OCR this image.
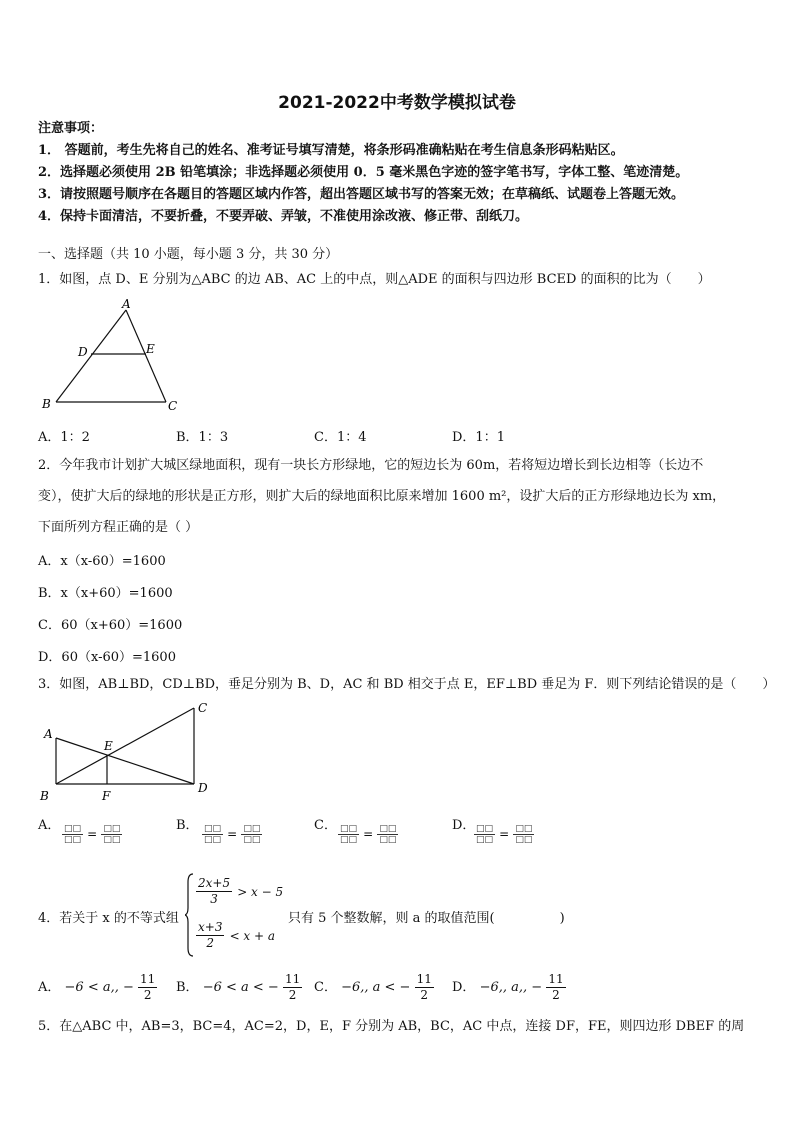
2021-2022中考数学模拟试卷
注意事项：
1． 答题前，考生先将自己的姓名、准考证号填写清楚，将条形码准确粘贴在考生信息条形码粘贴区。
2．选择题必须使用 2B 铅笔填涂；非选择题必须使用 0．5 毫米黑色字迹的签字笔书写，字体工整、笔迹清楚。
3．请按照题号顺序在各题目的答题区域内作答，超出答题区域书写的答案无效；在草稿纸、试题卷上答题无效。
4．保持卡面清洁，不要折叠，不要弄破、弄皱，不准使用涂改液、修正带、刮纸刀。
一、选择题（共 10 小题，每小题 3 分，共 30 分）
1．如图，点 D、E 分别为△ABC 的边 AB、AC 上的中点，则△ADE 的面积与四边形 BCED 的面积的比为（　　）
A
D	E
B	C
A．1：2	B．1：3	C．1：4	D．1：1
2．今年我市计划扩大城区绿地面积，现有一块长方形绿地，它的短边长为 60m，若将短边增长到长边相等（长边不
变），使扩大后的绿地的形状是正方形，则扩大后的绿地面积比原来增加 1600 m²，设扩大后的正方形绿地边长为 xm，
下面所列方程正确的是（ ）
A．x（x-60）=1600
B．x（x+60）=1600
C．60（x+60）=1600
D．60（x-60）=1600
3．如图，AB⊥BD，CD⊥BD，垂足分别为 B、D，AC 和 BD 相交于点 E，EF⊥BD 垂足为 F．则下列结论错误的是（　　）
A
B
C
D
E
F
A． $\frac{□□}{□□} = \frac{□□}{□□}$	B． $\frac{□□}{□□} = \frac{□□}{□□}$	C． $\frac{□□}{□□} = \frac{□□}{□□}$	D．
$\frac{□□}{□□} = \frac{□□}{□□}$
4．若关于 x 的不等式组
$\frac{2x+5}{3} > x - 5$
$\frac{x+3}{2} < x + a$
只有 5 个整数解，则 a 的取值范围(　　　　　)
A． −6 < a,, − $\frac{11}{2}$ B． −6 < a < − $\frac{11}{2}$ C． −6,, a < − $\frac{11}{2}$ D． −6,, a,, − $\frac{11}{2}$
5．在△ABC 中，AB=3，BC=4，AC=2，D，E，F 分别为 AB，BC，AC 中点，连接 DF，FE，则四边形 DBEF 的周
